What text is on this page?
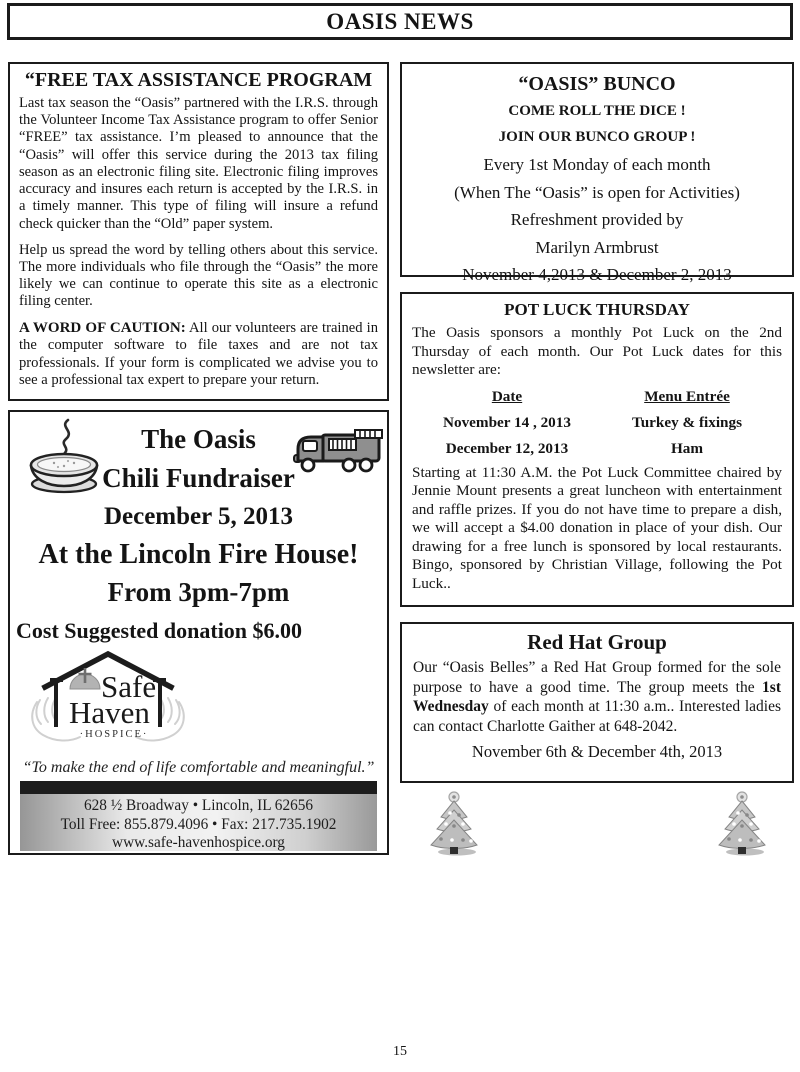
OASIS NEWS
“FREE TAX ASSISTANCE PROGRAM

Last tax season the “Oasis” partnered with the I.R.S. through the Volunteer Income Tax Assistance program to offer Senior “FREE” tax assistance. I’m pleased to announce that the “Oasis” will offer this service during the 2013 tax filing season as an electronic filing site. Electronic filing improves accuracy and insures each return is accepted by the I.R.S. in a timely manner. This type of filing will insure a refund check quicker than the “Old” paper system.

Help us spread the word by telling others about this service. The more individuals who file through the “Oasis” the more likely we can continue to operate this site as a electronic filing center.

A WORD OF CAUTION: All our volunteers are trained in the computer software to file taxes and are not tax professionals. If your form is complicated we advise you to see a professional tax expert to prepare your return.

The Oasis
Chili Fundraiser
December 5, 2013
At the Lincoln Fire House!
From 3pm-7pm
Cost Suggested donation $6.00
Safe
Haven
·HOSPICE·
“To make the end of life comfortable and meaningful.”
628 ½ Broadway • Lincoln, IL 62656
Toll Free: 855.879.4096 • Fax: 217.735.1902
www.safe-havenhospice.org
“OASIS” BUNCO
COME ROLL THE DICE !
JOIN OUR BUNCO GROUP !
Every 1st Monday of each month
(When The “Oasis” is open for Activities)
Refreshment provided by
Marilyn Armbrust
November 4,2013 & December 2, 2013
POT LUCK THURSDAY
The Oasis sponsors a monthly Pot Luck on the 2nd Thursday of each month. Our Pot Luck dates for this newsletter are:
Date	Menu Entrée
November 14 , 2013	Turkey & fixings
December 12, 2013	Ham
Starting at 11:30 A.M. the Pot Luck Committee chaired by Jennie Mount presents a great luncheon with entertainment and raffle prizes. If you do not have time to prepare a dish, we will accept a $4.00 donation in place of your dish. Our drawing for a free lunch is sponsored by local restaurants. Bingo, sponsored by Christian Village, following the Pot Luck..
Red Hat Group
Our “Oasis Belles” a Red Hat Group formed for the sole purpose to have a good time. The group meets the 1st Wednesday of each month at 11:30 a.m.. Interested ladies can contact Charlotte Gaither at 648-2042.
November 6th & December 4th, 2013
15
